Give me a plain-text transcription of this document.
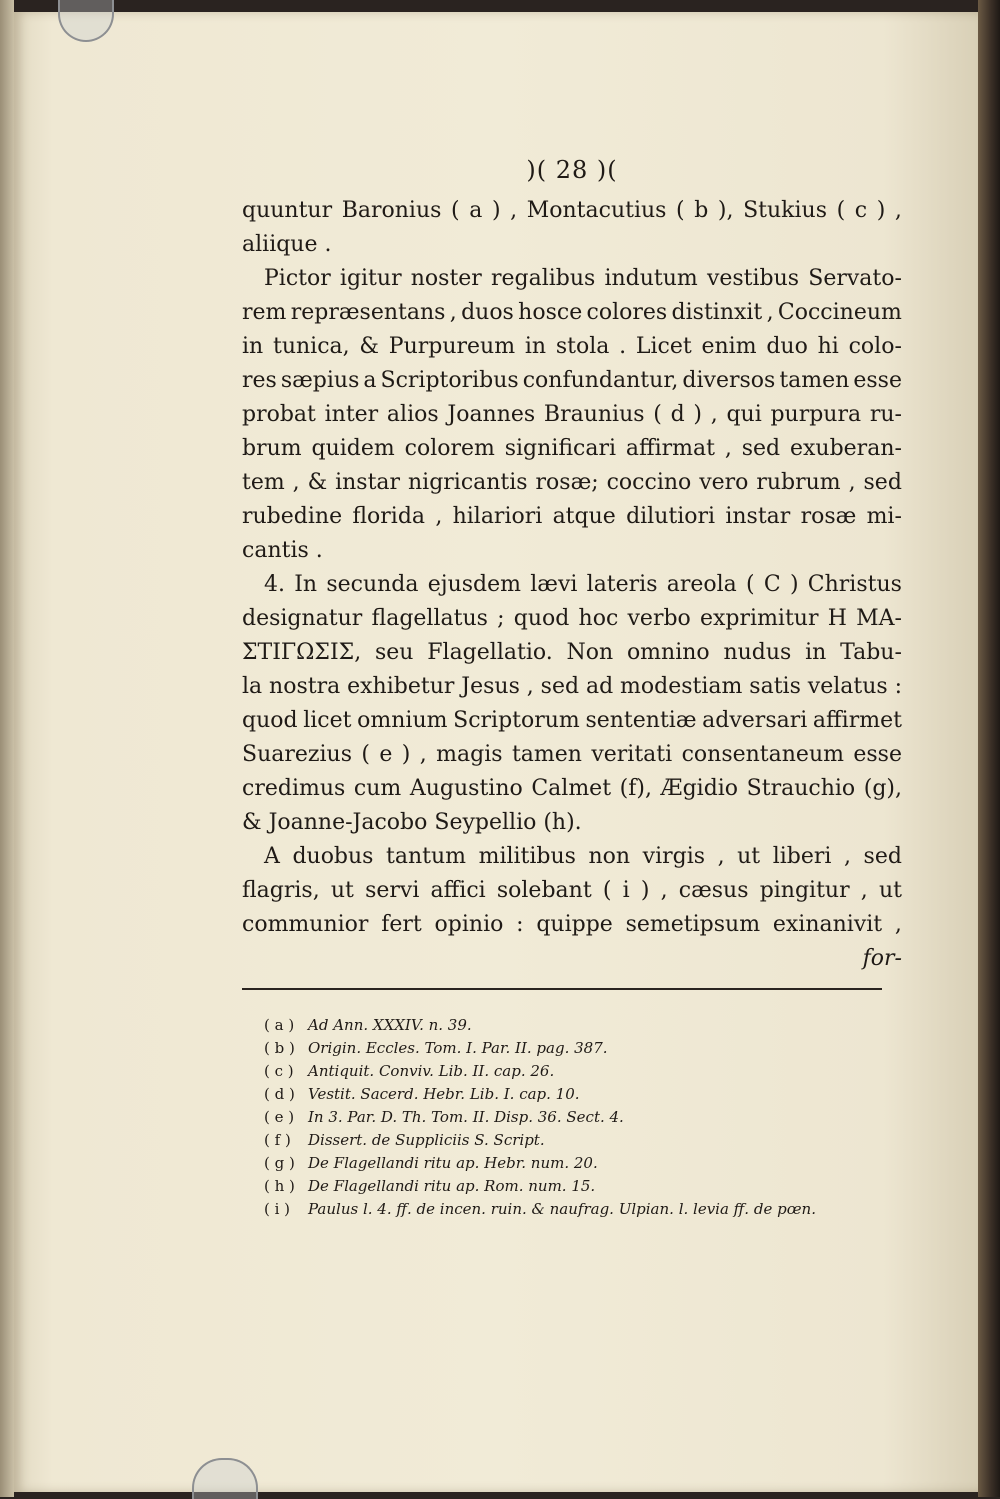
)( 28 )(
quuntur Baronius ( a ) , Montacutius ( b ), Stukius ( c ) ,
aliique .
Pictor igitur noster regalibus indutum vestibus Servato-
rem repræsentans , duos hosce colores distinxit , Coccineum
in tunica, & Purpureum in stola . Licet enim duo hi colo-
res sæpius a Scriptoribus confundantur, diversos tamen esse
probat inter alios Joannes Braunius ( d ) , qui purpura ru-
brum quidem colorem significari affirmat , sed exuberan-
tem , & instar nigricantis rosæ; coccino vero rubrum , sed
rubedine florida , hilariori atque dilutiori instar rosæ mi-
cantis .
4. In secunda ejusdem lævi lateris areola ( C ) Christus
designatur flagellatus ; quod hoc verbo exprimitur Η ΜΑ-
ΣΤΙΓΩΣΙΣ, seu Flagellatio. Non omnino nudus in Tabu-
la nostra exhibetur Jesus , sed ad modestiam satis velatus :
quod licet omnium Scriptorum sententiæ adversari affirmet
Suarezius ( e ) , magis tamen veritati consentaneum esse
credimus cum Augustino Calmet (f), Ægidio Strauchio (g),
& Joanne-Jacobo Seypellio (h).
A duobus tantum militibus non virgis , ut liberi , sed
flagris, ut servi affici solebant ( i ) , cæsus pingitur , ut
communior fert opinio : quippe semetipsum exinanivit ,
for-
( a ) Ad Ann. XXXIV. n. 39.
( b ) Origin. Eccles. Tom. I. Par. II. pag. 387.
( c ) Antiquit. Conviv. Lib. II. cap. 26.
( d ) Vestit. Sacerd. Hebr. Lib. I. cap. 10.
( e ) In 3. Par. D. Th. Tom. II. Disp. 36. Sect. 4.
( f ) Dissert. de Suppliciis S. Script.
( g ) De Flagellandi ritu ap. Hebr. num. 20.
( h ) De Flagellandi ritu ap. Rom. num. 15.
( i ) Paulus l. 4. ff. de incen. ruin. & naufrag. Ulpian. l. levia ff. de pœn.
